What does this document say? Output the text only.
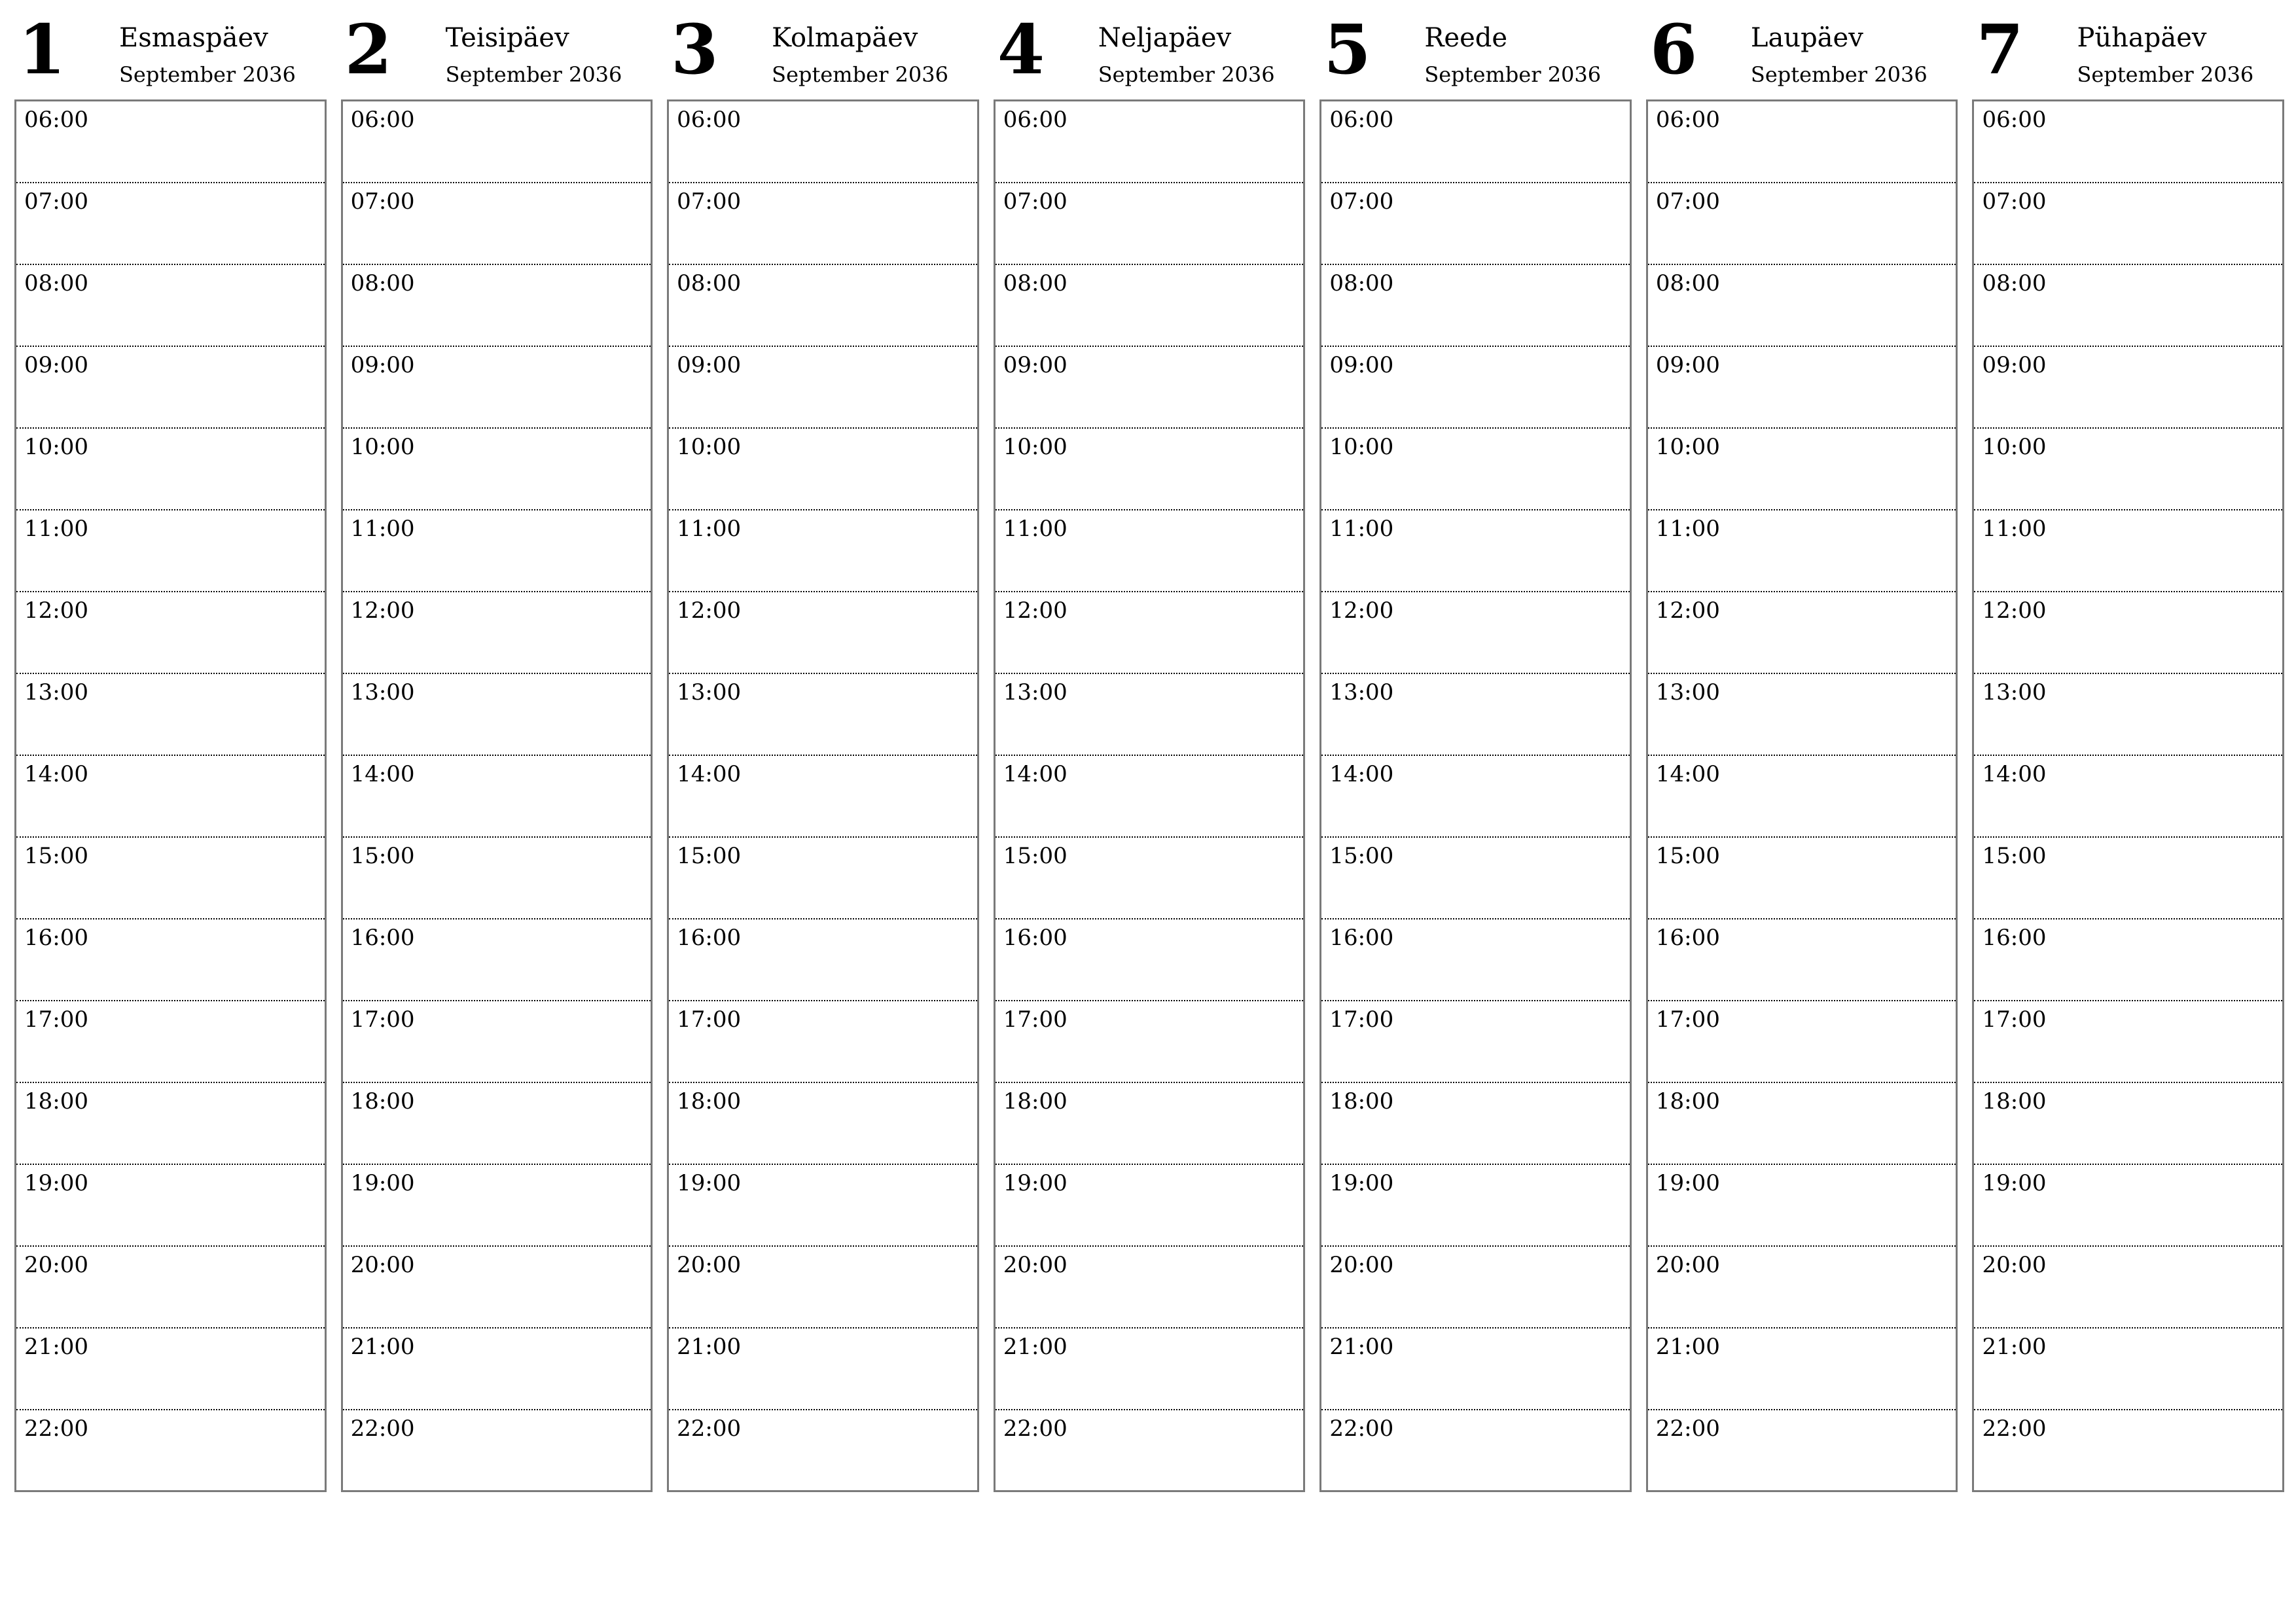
1 Esmaspäev
September 2036
06:00
07:00
08:00
09:00
10:00
11:00
12:00
13:00
14:00
15:00
16:00
17:00
18:00
19:00
20:00
21:00
22:00
2 Teisipäev
September 2036
06:00
07:00
08:00
09:00
10:00
11:00
12:00
13:00
14:00
15:00
16:00
17:00
18:00
19:00
20:00
21:00
22:00
3 Kolmapäev
September 2036
06:00
07:00
08:00
09:00
10:00
11:00
12:00
13:00
14:00
15:00
16:00
17:00
18:00
19:00
20:00
21:00
22:00
4 Neljapäev
September 2036
06:00
07:00
08:00
09:00
10:00
11:00
12:00
13:00
14:00
15:00
16:00
17:00
18:00
19:00
20:00
21:00
22:00
5 Reede
September 2036
06:00
07:00
08:00
09:00
10:00
11:00
12:00
13:00
14:00
15:00
16:00
17:00
18:00
19:00
20:00
21:00
22:00
6 Laupäev
September 2036
06:00
07:00
08:00
09:00
10:00
11:00
12:00
13:00
14:00
15:00
16:00
17:00
18:00
19:00
20:00
21:00
22:00
7 Pühapäev
September 2036
06:00
07:00
08:00
09:00
10:00
11:00
12:00
13:00
14:00
15:00
16:00
17:00
18:00
19:00
20:00
21:00
22:00
